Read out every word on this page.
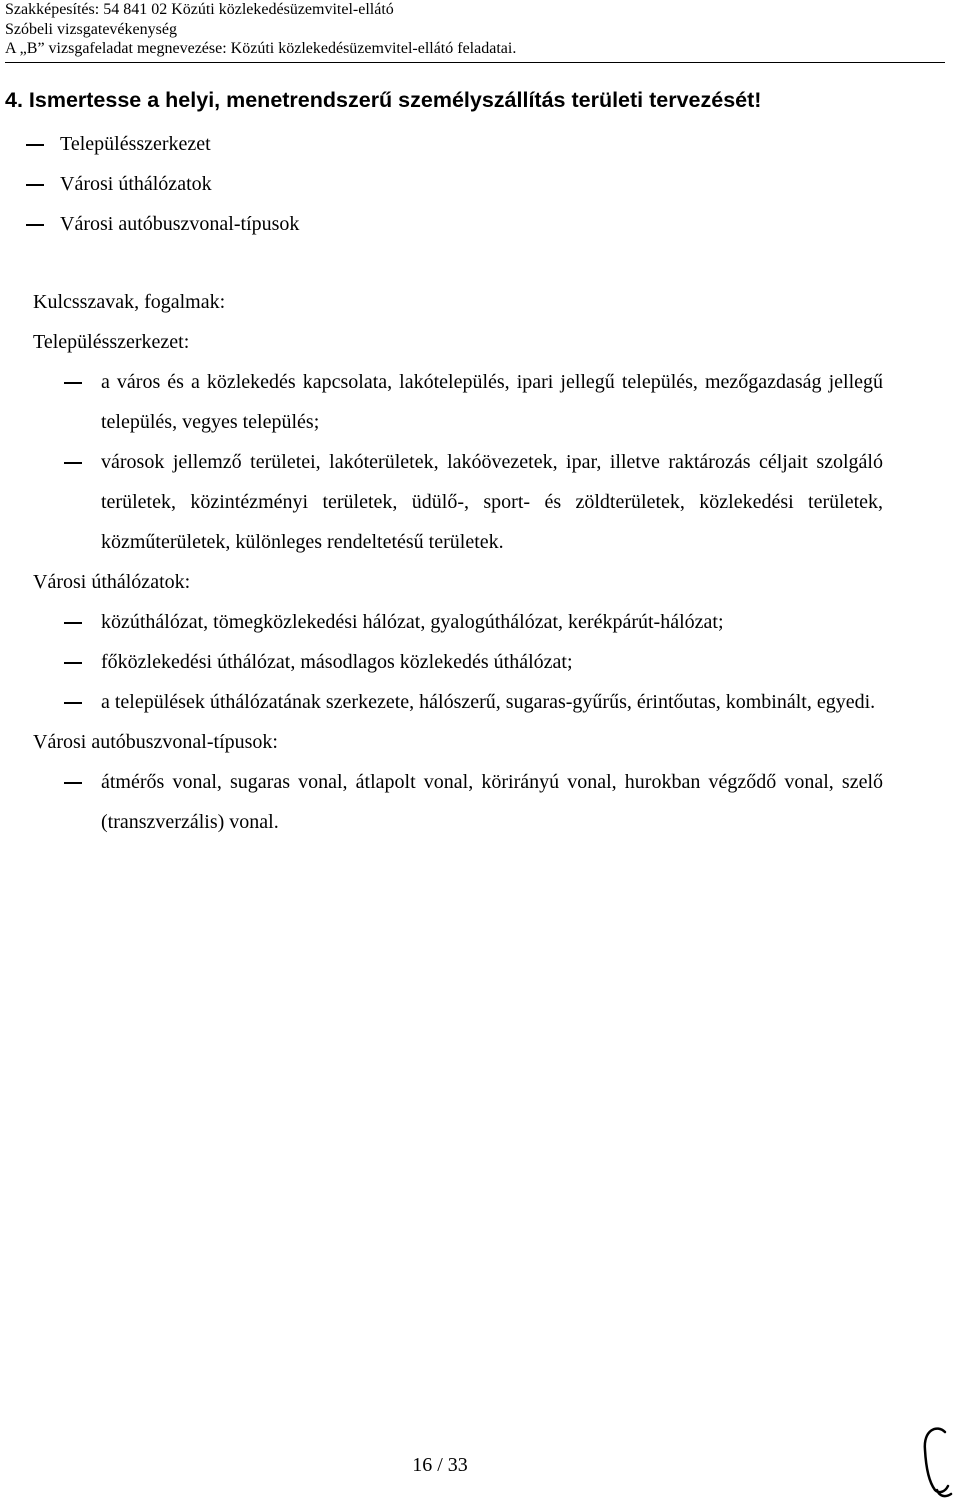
Szakképesítés: 54 841 02 Közúti közlekedésüzemvitel-ellátó
Szóbeli vizsgatevékenység
A „B” vizsgafeladat megnevezése: Közúti közlekedésüzemvitel-ellátó feladatai.
4. Ismertesse a helyi, menetrendszerű személyszállítás területi tervezését!
Településszerkezet
Városi úthálózatok
Városi autóbuszvonal-típusok
Kulcsszavak, fogalmak:
Településszerkezet:
a város és a közlekedés kapcsolata, lakótelepülés, ipari jellegű település, mezőgazdaság jellegű település, vegyes település;
városok jellemző területei, lakóterületek, lakóövezetek, ipar, illetve raktározás céljait szolgáló területek, közintézményi területek, üdülő-, sport- és zöldterületek, közlekedési területek, közműterületek, különleges rendeltetésű területek.
Városi úthálózatok:
közúthálózat, tömegközlekedési hálózat, gyalogúthálózat, kerékpárút-hálózat;
főközlekedési úthálózat, másodlagos közlekedés úthálózat;
a települések úthálózatának szerkezete, hálószerű, sugaras-gyűrűs, érintőutas, kombinált, egyedi.
Városi autóbuszvonal-típusok:
átmérős vonal, sugaras vonal, átlapolt vonal, körirányú vonal, hurokban végződő vonal, szelő (transzverzális) vonal.
16 / 33
